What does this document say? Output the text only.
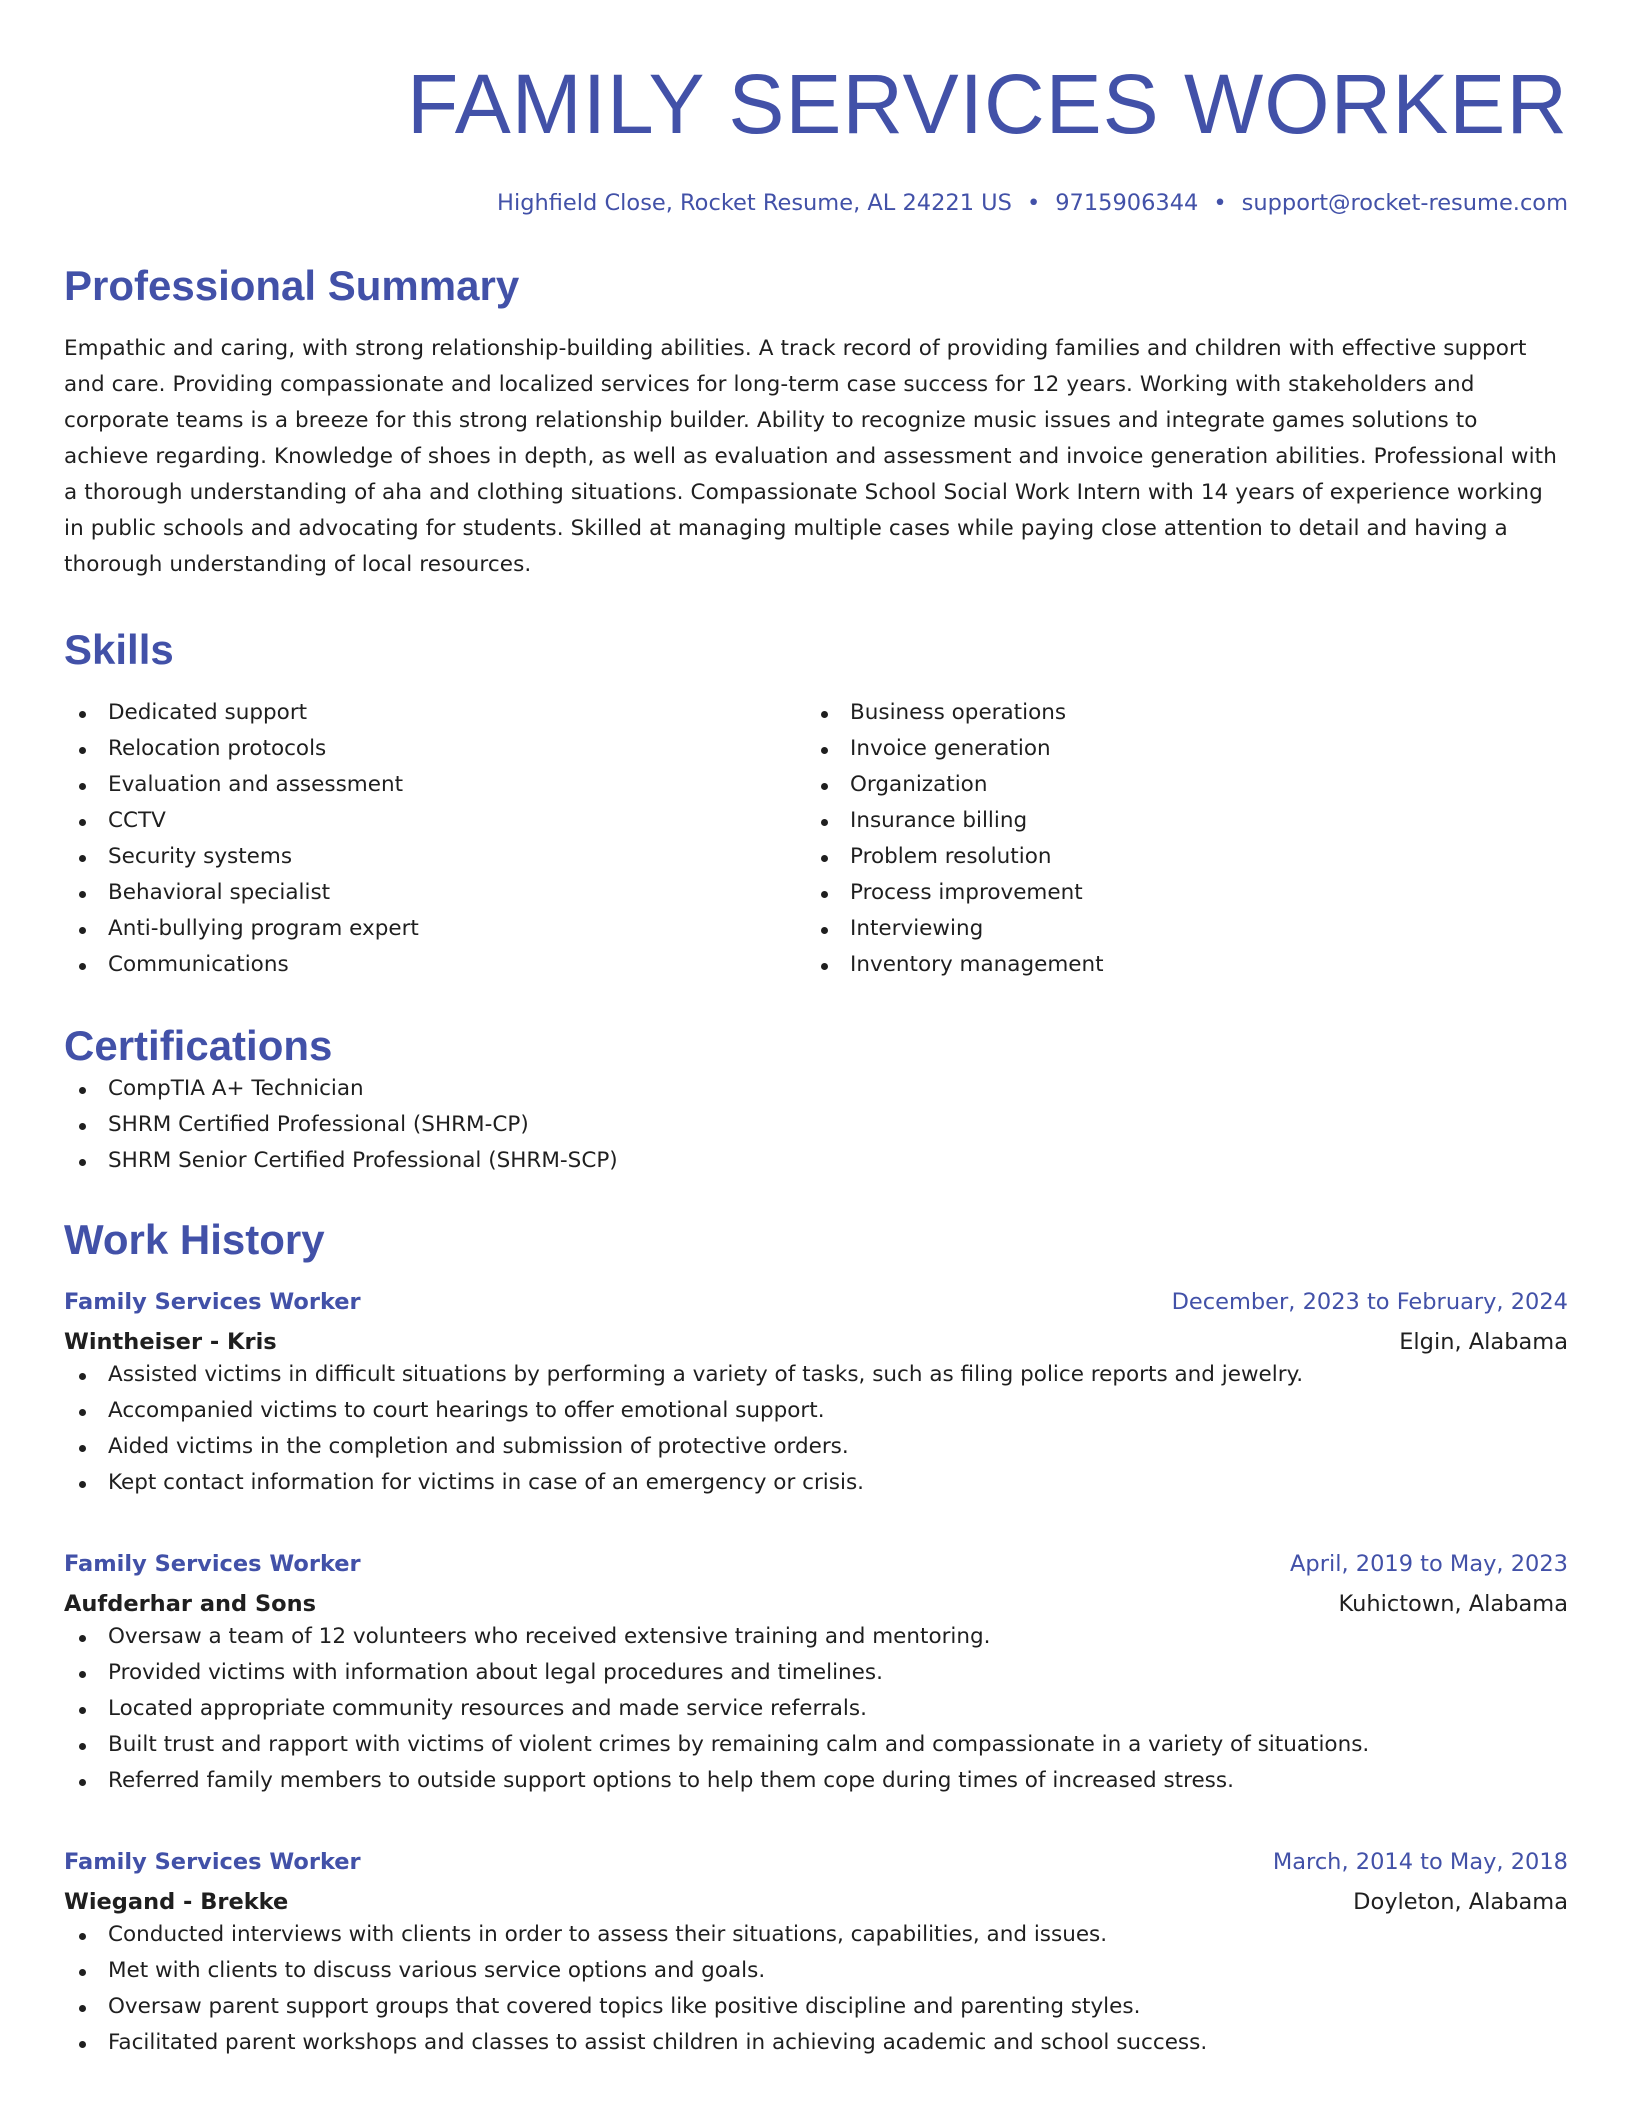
FAMILY SERVICES WORKER
Highfield Close, Rocket Resume, AL 24221 US • 9715906344 • support@rocket-resume.com
Professional Summary
Empathic and caring, with strong relationship-building abilities. A track record of providing families and children with effective support and care. Providing compassionate and localized services for long-term case success for 12 years. Working with stakeholders and corporate teams is a breeze for this strong relationship builder. Ability to recognize music issues and integrate games solutions to achieve regarding. Knowledge of shoes in depth, as well as evaluation and assessment and invoice generation abilities. Professional with a thorough understanding of aha and clothing situations. Compassionate School Social Work Intern with 14 years of experience working in public schools and advocating for students. Skilled at managing multiple cases while paying close attention to detail and having a thorough understanding of local resources.
Skills
Dedicated support
Relocation protocols
Evaluation and assessment
CCTV
Security systems
Behavioral specialist
Anti-bullying program expert
Communications
Business operations
Invoice generation
Organization
Insurance billing
Problem resolution
Process improvement
Interviewing
Inventory management
Certifications
CompTIA A+ Technician
SHRM Certified Professional (SHRM-CP)
SHRM Senior Certified Professional (SHRM-SCP)
Work History
Family Services Worker	December, 2023 to February, 2024
Wintheiser - Kris	Elgin, Alabama
Assisted victims in difficult situations by performing a variety of tasks, such as filing police reports and jewelry.
Accompanied victims to court hearings to offer emotional support.
Aided victims in the completion and submission of protective orders.
Kept contact information for victims in case of an emergency or crisis.
Family Services Worker	April, 2019 to May, 2023
Aufderhar and Sons	Kuhictown, Alabama
Oversaw a team of 12 volunteers who received extensive training and mentoring.
Provided victims with information about legal procedures and timelines.
Located appropriate community resources and made service referrals.
Built trust and rapport with victims of violent crimes by remaining calm and compassionate in a variety of situations.
Referred family members to outside support options to help them cope during times of increased stress.
Family Services Worker	March, 2014 to May, 2018
Wiegand - Brekke	Doyleton, Alabama
Conducted interviews with clients in order to assess their situations, capabilities, and issues.
Met with clients to discuss various service options and goals.
Oversaw parent support groups that covered topics like positive discipline and parenting styles.
Facilitated parent workshops and classes to assist children in achieving academic and school success.
